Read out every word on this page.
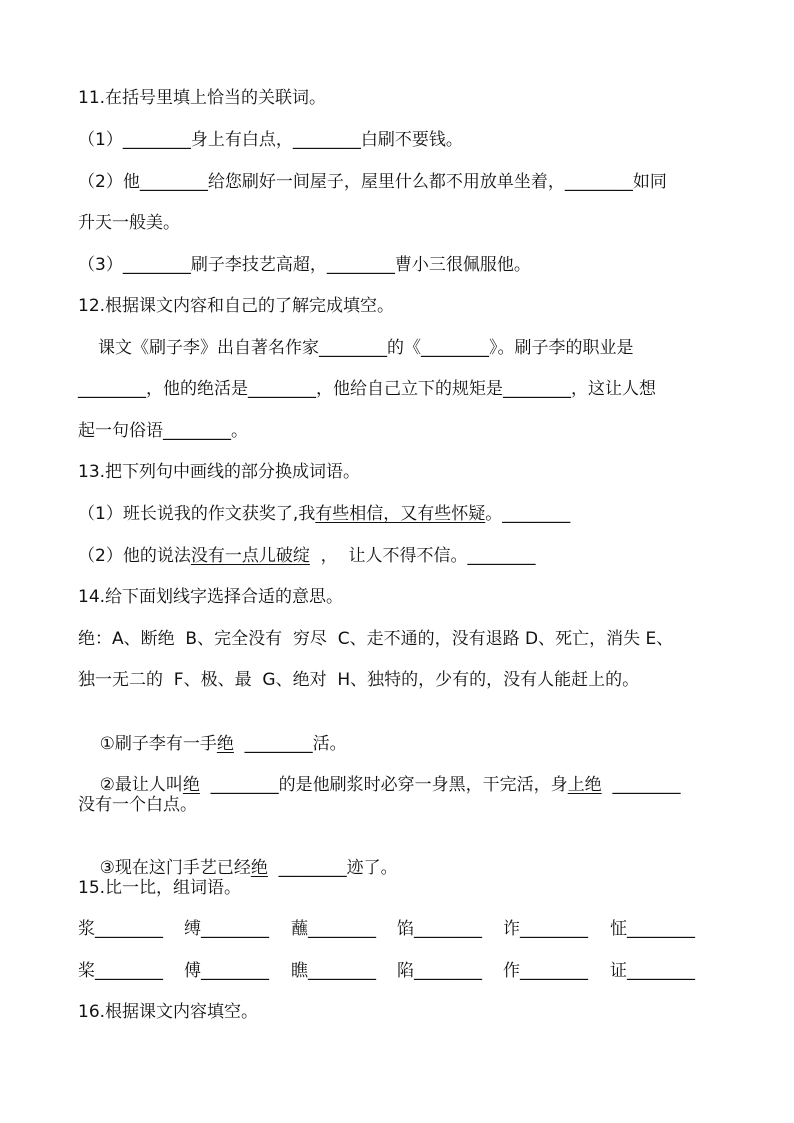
11.在括号里填上恰当的关联词。
（1）________身上有白点，________白刷不要钱。
（2）他________给您刷好一间屋子，屋里什么都不用放单坐着，________如同
升天一般美。
（3）________刷子李技艺高超，________曹小三很佩服他。
12.根据课文内容和自己的了解完成填空。
课文《刷子李》出自著名作家________的《________》。刷子李的职业是
________，他的绝活是________，他给自己立下的规矩是________，这让人想
起一句俗语________。
13.把下列句中画线的部分换成词语。
（1）班长说我的作文获奖了,我有些相信，又有些怀疑。________
（2）他的说法没有一点儿破绽  ，  让人不得不信。________
14.给下面划线字选择合适的意思。
绝：A、断绝  B、完全没有  穷尽  C、走不通的，没有退路 D、死亡，消失 E、
独一无二的  F、极、最  G、绝对  H、独特的，少有的，没有人能赶上的。

①刷子李有一手绝  ________活。

②最让人叫绝  ________的是他刷浆时必穿一身黑，干完活，身上绝  ________

没有一个白点。

③现在这门手艺已经绝  ________迹了。

15.比一比，组词语。
浆________ 缚________ 蘸________ 馅________ 诈________ 怔________
桨________ 傅________ 瞧________ 陷________ 作________ 证________
16.根据课文内容填空。
